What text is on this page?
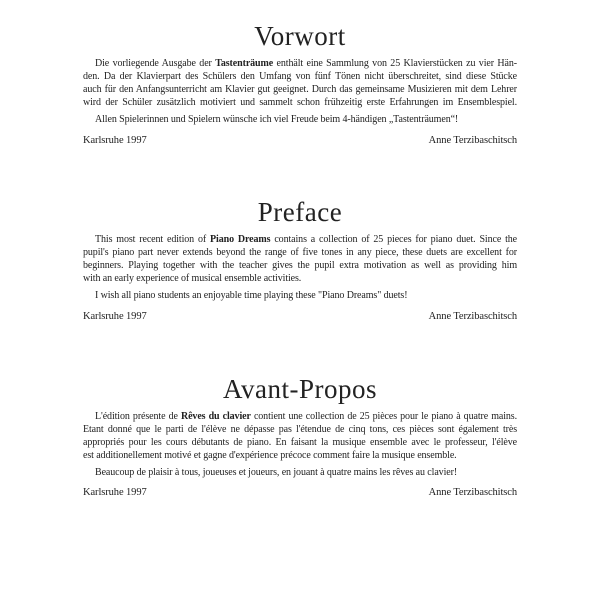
Vorwort

Die vorliegende Ausgabe der Tastenträume enthält eine Sammlung von 25 Klavierstücken zu vier Hän-
den. Da der Klavierpart des Schülers den Umfang von fünf Tönen nicht überschreitet, sind diese Stücke
auch für den Anfangsunterricht am Klavier gut geeignet. Durch das gemeinsame Musizieren mit dem Lehrer
wird der Schüler zusätzlich motiviert und sammelt schon frühzeitig erste Erfahrungen im Ensemblespiel.

Allen Spielerinnen und Spielern wünsche ich viel Freude beim 4-händigen „Tastenträumen“!

Karlsruhe 1997	Anne Terzibaschitsch
Preface

This most recent edition of Piano Dreams contains a collection of 25 pieces for piano duet. Since the
pupil's piano part never extends beyond the range of five tones in any piece, these duets are excellent for
beginners. Playing together with the teacher gives the pupil extra motivation as well as providing him
with an early experience of musical ensemble activities.

I wish all piano students an enjoyable time playing these "Piano Dreams" duets!

Karlsruhe 1997	Anne Terzibaschitsch
Avant-Propos

L'édition présente de Rêves du clavier contient une collection de 25 pièces pour le piano à quatre mains.
Etant donné que le parti de l'élève ne dépasse pas l'étendue de cinq tons, ces pièces sont également très
appropriés pour les cours débutants de piano. En faisant la musique ensemble avec le professeur, l'élève
est additionellement motivé et gagne d'expérience précoce comment faire la musique ensemble.

Beaucoup de plaisir à tous, joueuses et joueurs, en jouant à quatre mains les rêves au clavier!

Karlsruhe 1997	Anne Terzibaschitsch
